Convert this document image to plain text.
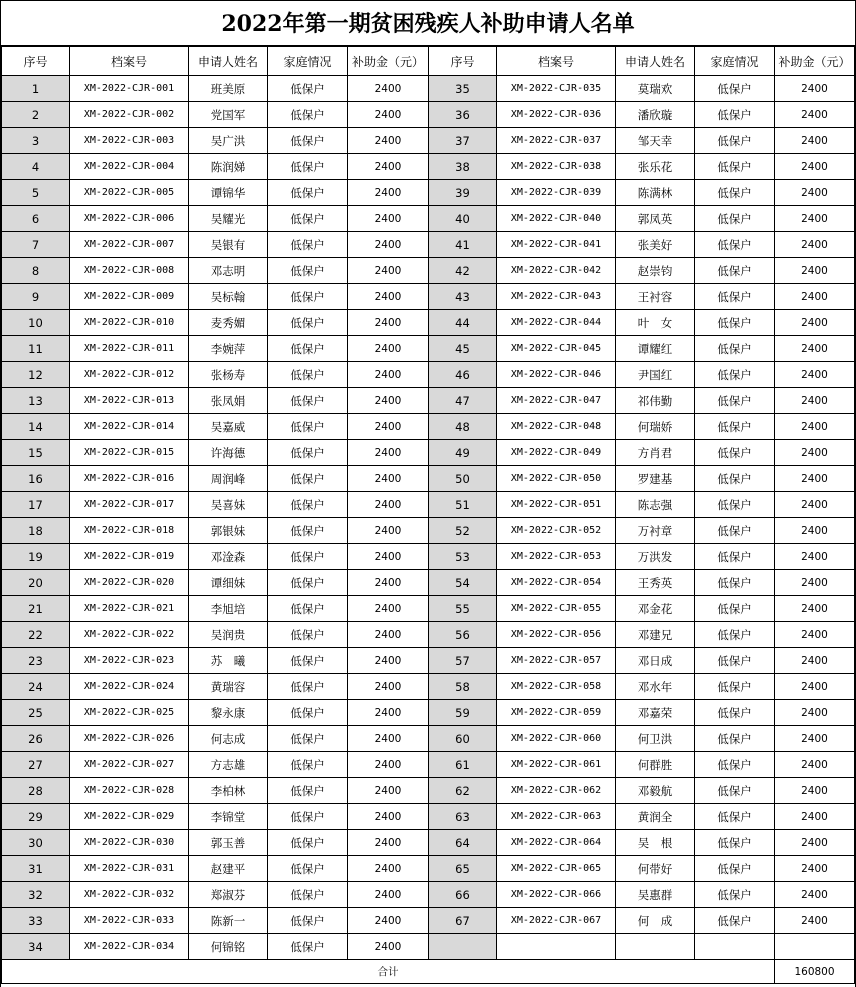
2022年第一期贫困残疾人补助申请人名单
序号	档案号	申请人姓名	家庭情况	补助金（元）	序号	档案号	申请人姓名	家庭情况	补助金（元）
1	XM-2022-CJR-001	班美原	低保户	2400	35	XM-2022-CJR-035	莫瑞欢	低保户	2400
2	XM-2022-CJR-002	党国军	低保户	2400	36	XM-2022-CJR-036	潘欣璇	低保户	2400
3	XM-2022-CJR-003	吴广洪	低保户	2400	37	XM-2022-CJR-037	邹天幸	低保户	2400
4	XM-2022-CJR-004	陈润娣	低保户	2400	38	XM-2022-CJR-038	张乐花	低保户	2400
5	XM-2022-CJR-005	谭锦华	低保户	2400	39	XM-2022-CJR-039	陈满林	低保户	2400
6	XM-2022-CJR-006	吴耀光	低保户	2400	40	XM-2022-CJR-040	郭凤英	低保户	2400
7	XM-2022-CJR-007	吴银有	低保户	2400	41	XM-2022-CJR-041	张美好	低保户	2400
8	XM-2022-CJR-008	邓志明	低保户	2400	42	XM-2022-CJR-042	赵崇钧	低保户	2400
9	XM-2022-CJR-009	吴标翰	低保户	2400	43	XM-2022-CJR-043	王衬容	低保户	2400
10	XM-2022-CJR-010	麦秀媚	低保户	2400	44	XM-2022-CJR-044	叶　女	低保户	2400
11	XM-2022-CJR-011	李婉萍	低保户	2400	45	XM-2022-CJR-045	谭耀红	低保户	2400
12	XM-2022-CJR-012	张杨寿	低保户	2400	46	XM-2022-CJR-046	尹国红	低保户	2400
13	XM-2022-CJR-013	张凤娟	低保户	2400	47	XM-2022-CJR-047	祁伟勤	低保户	2400
14	XM-2022-CJR-014	吴嘉威	低保户	2400	48	XM-2022-CJR-048	何瑞娇	低保户	2400
15	XM-2022-CJR-015	许海德	低保户	2400	49	XM-2022-CJR-049	方肖君	低保户	2400
16	XM-2022-CJR-016	周润峰	低保户	2400	50	XM-2022-CJR-050	罗建基	低保户	2400
17	XM-2022-CJR-017	吴喜妹	低保户	2400	51	XM-2022-CJR-051	陈志强	低保户	2400
18	XM-2022-CJR-018	郭银妹	低保户	2400	52	XM-2022-CJR-052	万衬章	低保户	2400
19	XM-2022-CJR-019	邓淦森	低保户	2400	53	XM-2022-CJR-053	万洪发	低保户	2400
20	XM-2022-CJR-020	谭细妹	低保户	2400	54	XM-2022-CJR-054	王秀英	低保户	2400
21	XM-2022-CJR-021	李旭培	低保户	2400	55	XM-2022-CJR-055	邓金花	低保户	2400
22	XM-2022-CJR-022	吴润贵	低保户	2400	56	XM-2022-CJR-056	邓建兄	低保户	2400
23	XM-2022-CJR-023	苏　曦	低保户	2400	57	XM-2022-CJR-057	邓日成	低保户	2400
24	XM-2022-CJR-024	黄瑞容	低保户	2400	58	XM-2022-CJR-058	邓水年	低保户	2400
25	XM-2022-CJR-025	黎永康	低保户	2400	59	XM-2022-CJR-059	邓嘉荣	低保户	2400
26	XM-2022-CJR-026	何志成	低保户	2400	60	XM-2022-CJR-060	何卫洪	低保户	2400
27	XM-2022-CJR-027	方志雄	低保户	2400	61	XM-2022-CJR-061	何群胜	低保户	2400
28	XM-2022-CJR-028	李柏林	低保户	2400	62	XM-2022-CJR-062	邓毅航	低保户	2400
29	XM-2022-CJR-029	李锦堂	低保户	2400	63	XM-2022-CJR-063	黄润全	低保户	2400
30	XM-2022-CJR-030	郭玉善	低保户	2400	64	XM-2022-CJR-064	吴　根	低保户	2400
31	XM-2022-CJR-031	赵建平	低保户	2400	65	XM-2022-CJR-065	何带好	低保户	2400
32	XM-2022-CJR-032	郑淑芬	低保户	2400	66	XM-2022-CJR-066	吴惠群	低保户	2400
33	XM-2022-CJR-033	陈新一	低保户	2400	67	XM-2022-CJR-067	何　成	低保户	2400
34	XM-2022-CJR-034	何锦铭	低保户	2400					
合计									160800
